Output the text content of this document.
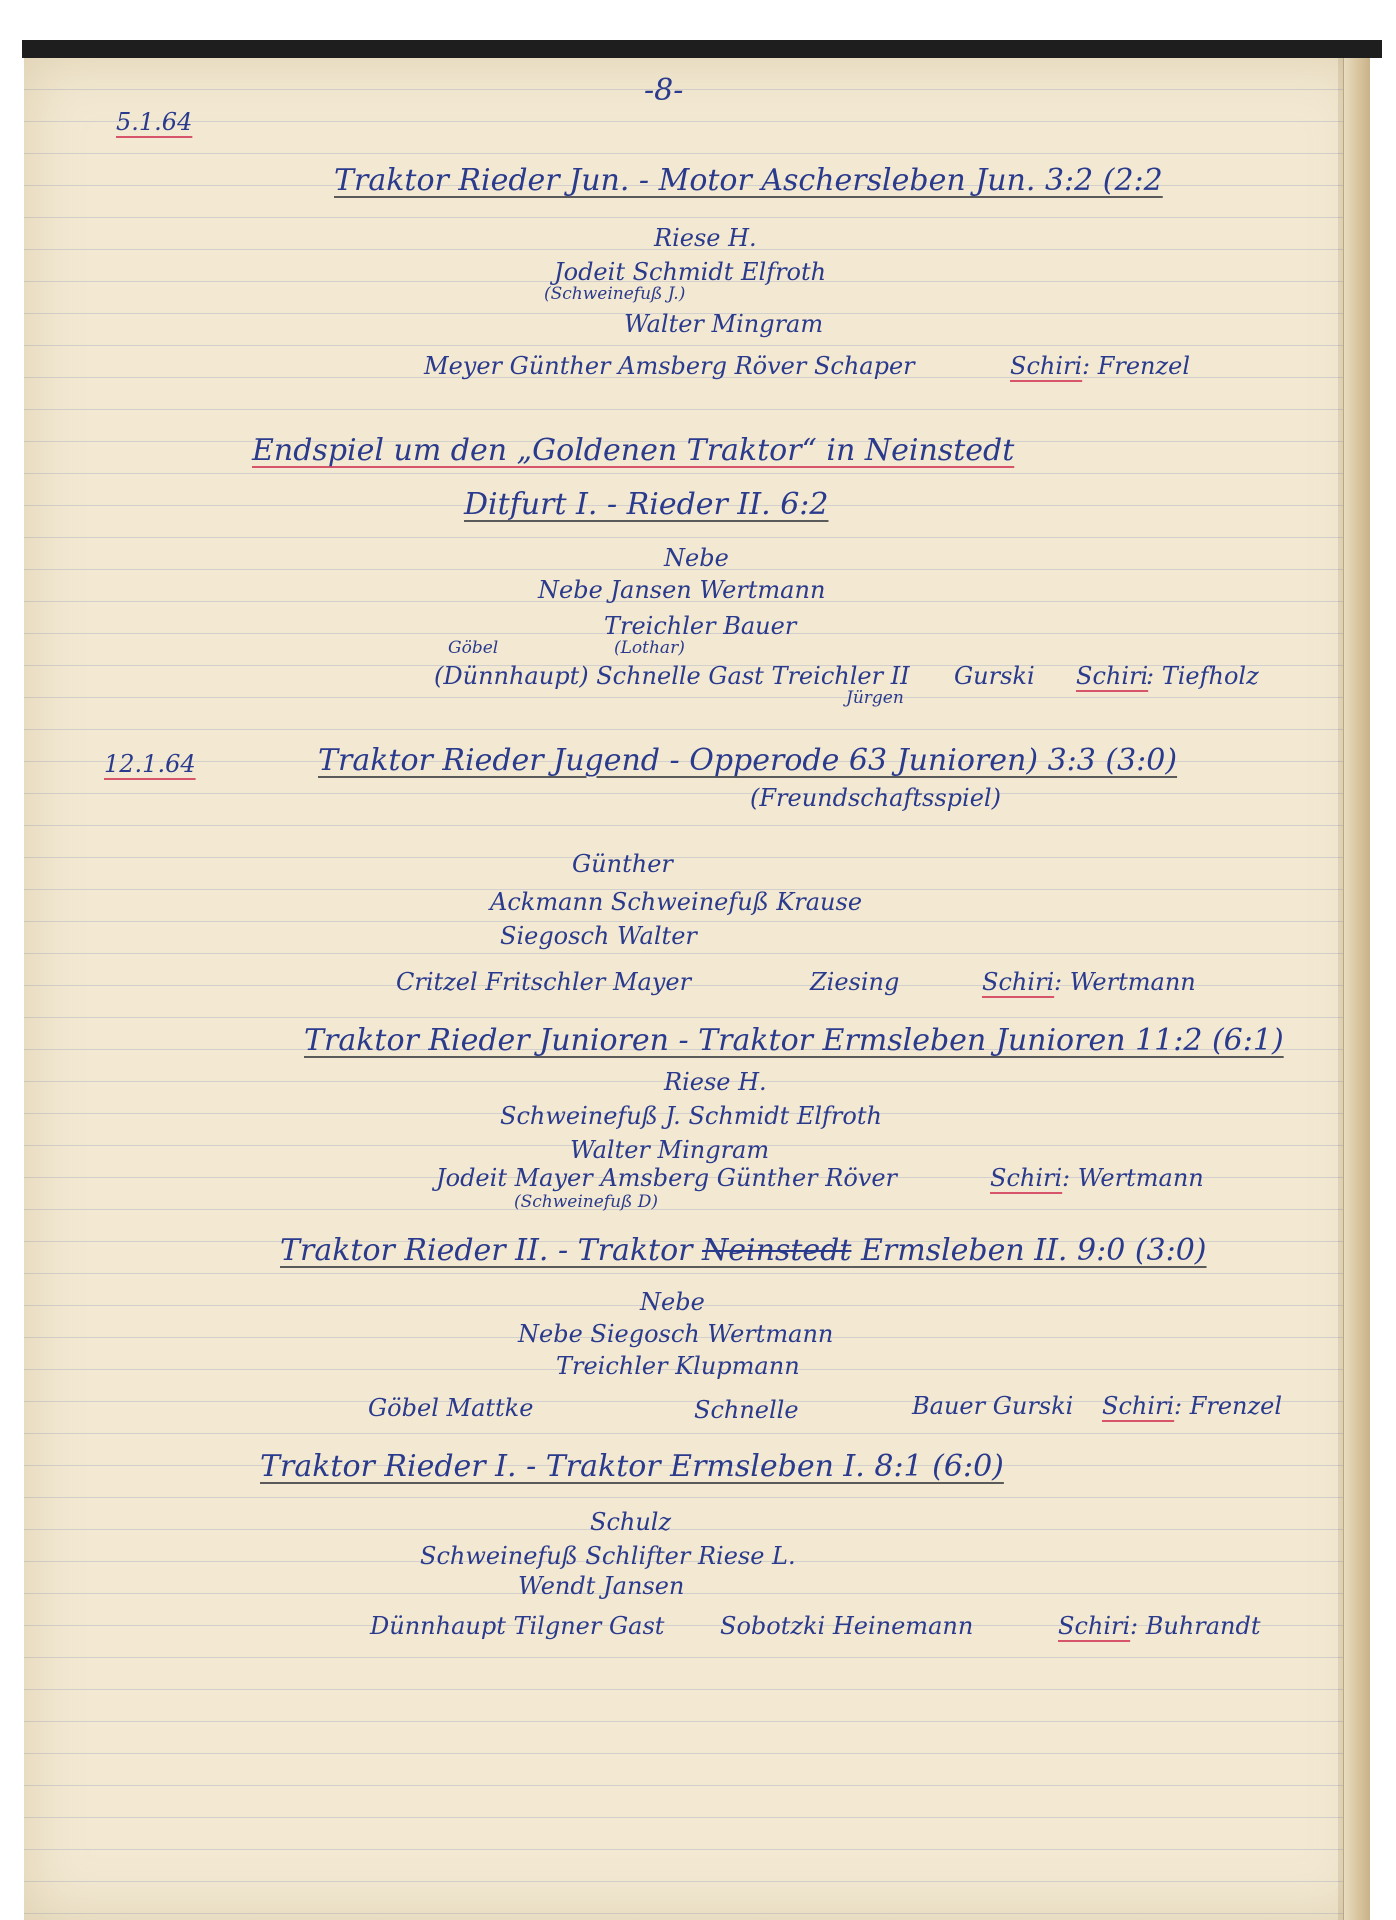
-8-
5.1.64
Traktor Rieder Jun. - Motor Aschersleben Jun. 3:2 (2:2
Riese H.
Jodeit Schmidt Elfroth
(Schweinefuß J.)
Walter Mingram
Meyer Günther Amsberg Röver Schaper	Schiri : Frenzel
Endspiel um den „Goldenen Traktor“ in Neinstedt
Ditfurt I. - Rieder II. 6:2
Nebe
Nebe Jansen Wertmann
Treichler Bauer
(Lothar)
Göbel
(Dünnhaupt) Schnelle Gast Treichler II
Jürgen
Gurski Schiri
: Tiefholz
12.1.64	Traktor Rieder Jugend - Opperode 63 Junioren) 3:3 (3:0)
(Freundschaftsspiel)
Günther
Ackmann Schweinefuß Krause
Siegosch Walter
Critzel Fritschler Mayer	Ziesing	Schiri : Wertmann
Traktor Rieder Junioren - Traktor Ermsleben Junioren 11:2 (6:1)
Riese H.
Schweinefuß J. Schmidt Elfroth
Walter Mingram
Jodeit Mayer Amsberg Günther Röver
(Schweinefuß D)
Schiri : Wertmann
Traktor Rieder II. - Traktor Neinstedt Ermsleben II. 9:0 (3:0)
Nebe
Nebe Siegosch Wertmann
Treichler Klupmann
Göbel Mattke	Schnelle	Bauer Gurski Schiri : Frenzel
Traktor Rieder I. - Traktor Ermsleben I. 8:1 (6:0)
Schulz
Schweinefuß Schlifter Riese L.
Wendt Jansen
Dünnhaupt Tilgner Gast Sobotzki Heinemann	Schiri : Buhrandt
